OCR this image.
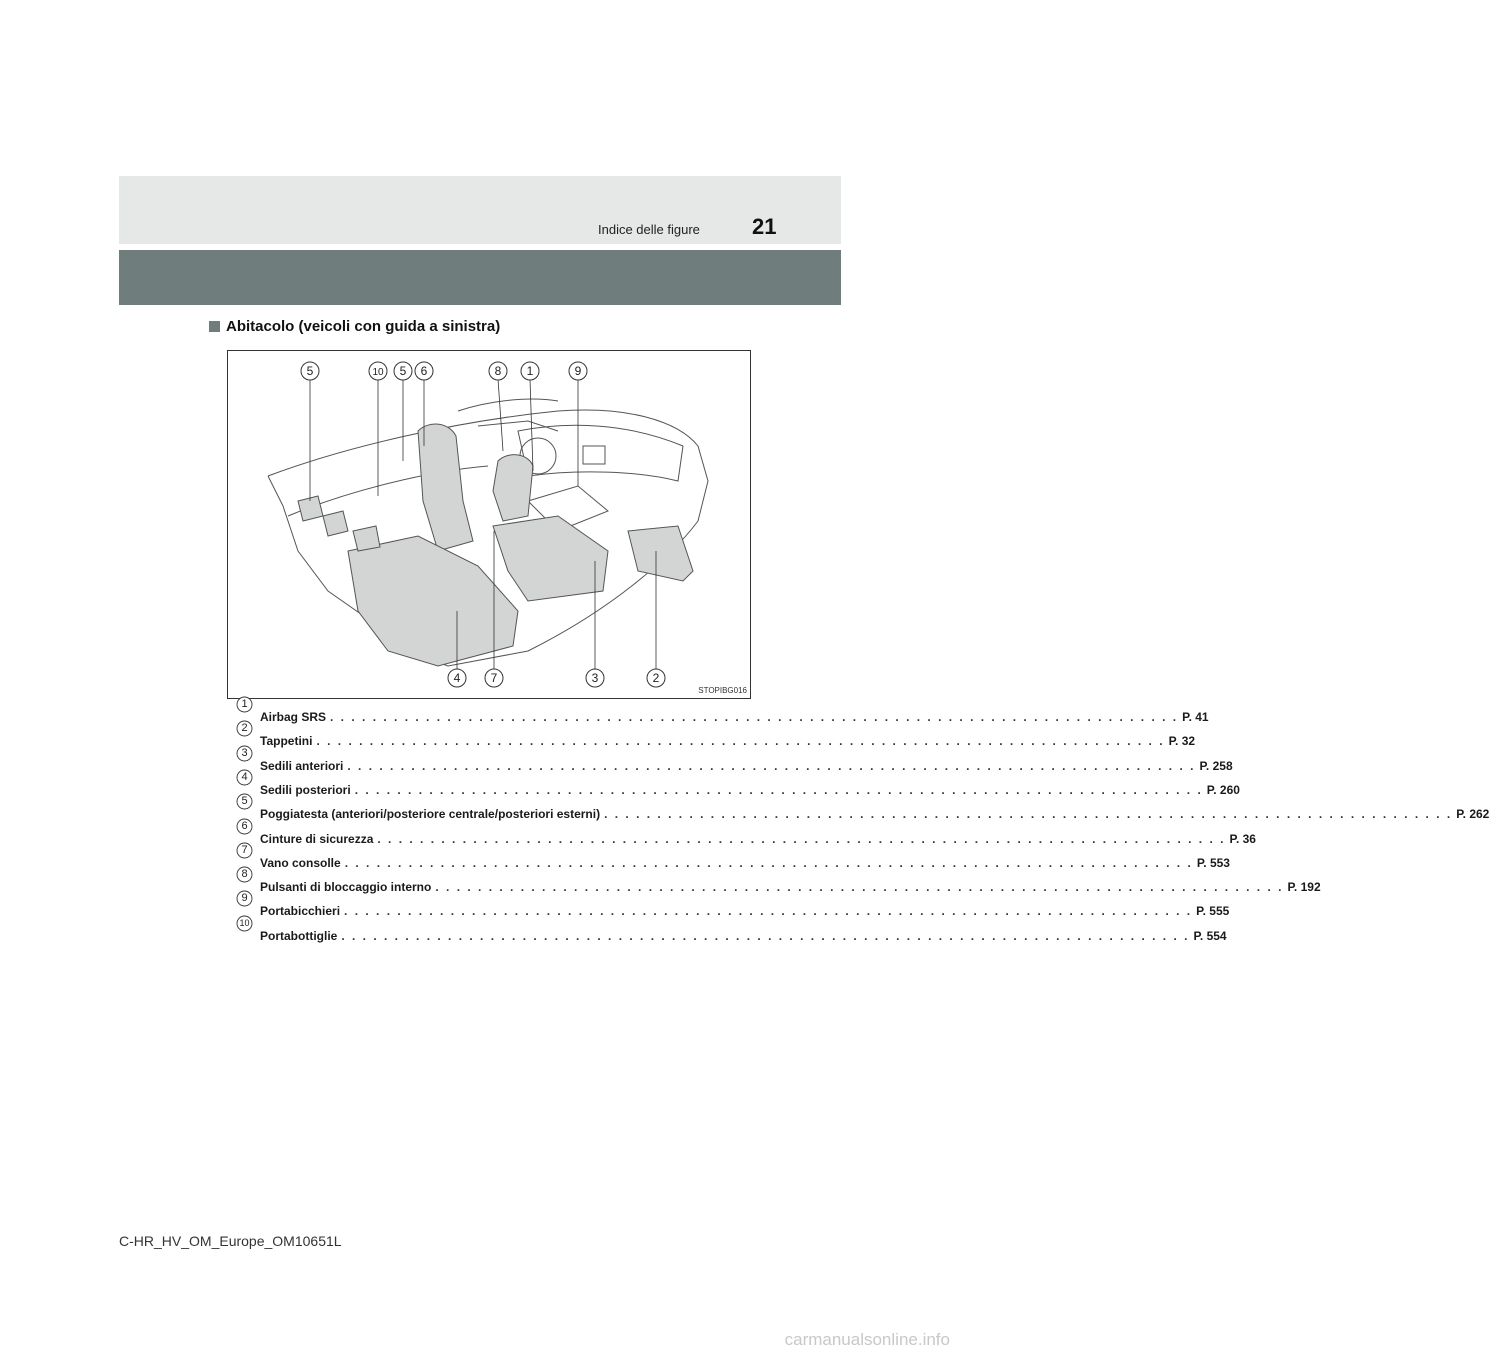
Indice delle figure 21
Abitacolo (veicoli con guida a sinistra)
5	10 5 6	8 1	9
4	7	3	2
STOPIBG016
1
Airbag SRS . . . . . . . . . . . . . . . . . . . . . . . . . . . . . . . . . . . . . . . . . . . . . . . . . . . . . . . . . . . . . . . . . . . . . . . . . . . . . . . . P. 41
2
Tappetini . . . . . . . . . . . . . . . . . . . . . . . . . . . . . . . . . . . . . . . . . . . . . . . . . . . . . . . . . . . . . . . . . . . . . . . . . . . . . . . . P. 32
3
Sedili anteriori . . . . . . . . . . . . . . . . . . . . . . . . . . . . . . . . . . . . . . . . . . . . . . . . . . . . . . . . . . . . . . . . . . . . . . . . . . . . . . . . P. 258
4
Sedili posteriori . . . . . . . . . . . . . . . . . . . . . . . . . . . . . . . . . . . . . . . . . . . . . . . . . . . . . . . . . . . . . . . . . . . . . . . . . . . . . . . . P. 260
5
Poggiatesta (anteriori/posteriore centrale/posteriori esterni) . . . . . . . . . . . . . . . . . . . . . . . . . . . . . . . . . . . . . . . . . . . . . . . . . . . . . . . . . . . . . . . . . . . . . . . . . . . . . . . . P. 262
6
Cinture di sicurezza . . . . . . . . . . . . . . . . . . . . . . . . . . . . . . . . . . . . . . . . . . . . . . . . . . . . . . . . . . . . . . . . . . . . . . . . . . . . . . . . P. 36
7
Vano consolle . . . . . . . . . . . . . . . . . . . . . . . . . . . . . . . . . . . . . . . . . . . . . . . . . . . . . . . . . . . . . . . . . . . . . . . . . . . . . . . . P. 553
8
Pulsanti di bloccaggio interno . . . . . . . . . . . . . . . . . . . . . . . . . . . . . . . . . . . . . . . . . . . . . . . . . . . . . . . . . . . . . . . . . . . . . . . . . . . . . . . . P. 192
9
Portabicchieri . . . . . . . . . . . . . . . . . . . . . . . . . . . . . . . . . . . . . . . . . . . . . . . . . . . . . . . . . . . . . . . . . . . . . . . . . . . . . . . . P. 555
10
Portabottiglie . . . . . . . . . . . . . . . . . . . . . . . . . . . . . . . . . . . . . . . . . . . . . . . . . . . . . . . . . . . . . . . . . . . . . . . . . . . . . . . . P. 554
C-HR_HV_OM_Europe_OM10651L
carmanualsonline.info
